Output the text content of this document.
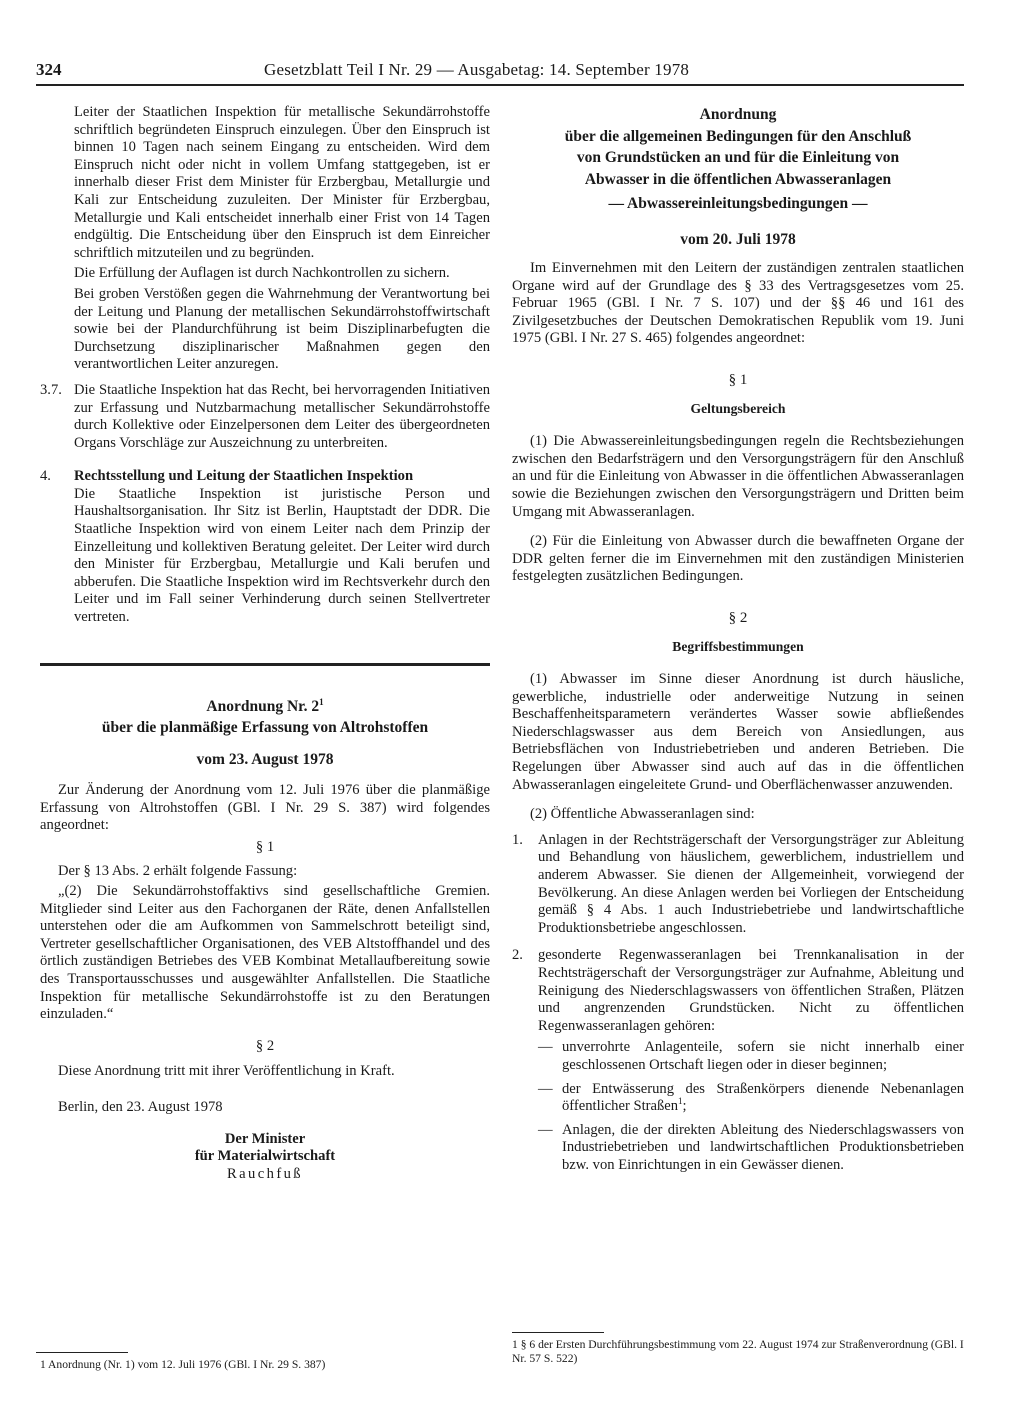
324	Gesetzblatt Teil I Nr. 29 — Ausgabetag: 14. September 1978

Leiter der Staatlichen Inspektion für metallische Sekundärrohstoffe schriftlich begründeten Einspruch einzulegen. Über den Einspruch ist binnen 10 Tagen nach seinem Eingang zu entscheiden. Wird dem Einspruch nicht oder nicht in vollem Umfang stattgegeben, ist er innerhalb dieser Frist dem Minister für Erzbergbau, Metallurgie und Kali zur Entscheidung zuzuleiten. Der Minister für Erzbergbau, Metallurgie und Kali entscheidet innerhalb einer Frist von 14 Tagen endgültig. Die Entscheidung über den Einspruch ist dem Einreicher schriftlich mitzuteilen und zu begründen.

Die Erfüllung der Auflagen ist durch Nachkontrollen zu sichern.

Bei groben Verstößen gegen die Wahrnehmung der Verantwortung bei der Leitung und Planung der metallischen Sekundärrohstoffwirtschaft sowie bei der Plandurchführung ist beim Disziplinarbefugten die Durchsetzung disziplinarischer Maßnahmen gegen den verantwortlichen Leiter anzuregen.

3.7. Die Staatliche Inspektion hat das Recht, bei hervorragenden Initiativen zur Erfassung und Nutzbarmachung metallischer Sekundärrohstoffe durch Kollektive oder Einzelpersonen dem Leiter des übergeordneten Organs Vorschläge zur Auszeichnung zu unterbreiten.
4. Rechtsstellung und Leitung der Staatlichen Inspektion
Die Staatliche Inspektion ist juristische Person und Haushaltsorganisation. Ihr Sitz ist Berlin, Hauptstadt der DDR. Die Staatliche Inspektion wird von einem Leiter nach dem Prinzip der Einzelleitung und kollektiven Beratung geleitet. Der Leiter wird durch den Minister für Erzbergbau, Metallurgie und Kali berufen und abberufen. Die Staatliche Inspektion wird im Rechtsverkehr durch den Leiter und im Fall seiner Verhinderung durch seinen Stellvertreter vertreten.
Anordnung Nr. $2^1$
über die planmäßige Erfassung von Altrohstoffen
vom 23. August 1978

Zur Änderung der Anordnung vom 12. Juli 1976 über die planmäßige Erfassung von Altrohstoffen (GBl. I Nr. 29 S. 387) wird folgendes angeordnet:

§ 1

Der § 13 Abs. 2 erhält folgende Fassung:

„(2) Die Sekundärrohstoffaktivs sind gesellschaftliche Gremien. Mitglieder sind Leiter aus den Fachorganen der Räte, denen Anfallstellen unterstehen oder die am Aufkommen von Sammelschrott beteiligt sind, Vertreter gesellschaftlicher Organisationen, des VEB Altstoffhandel und des örtlich zuständigen Betriebes des VEB Kombinat Metallaufbereitung sowie des Transportausschusses und ausgewählter Anfallstellen. Die Staatliche Inspektion für metallische Sekundärrohstoffe ist zu den Beratungen einzuladen.“

§ 2

Diese Anordnung tritt mit ihrer Veröffentlichung in Kraft.

Berlin, den 23. August 1978

Der Minister
für Materialwirtschaft
Rauchfuß
Anordnung
über die allgemeinen Bedingungen für den Anschluß
von Grundstücken an und für die Einleitung von
Abwasser in die öffentlichen Abwasseranlagen
— Abwassereinleitungsbedingungen —
vom 20. Juli 1978

Im Einvernehmen mit den Leitern der zuständigen zentralen staatlichen Organe wird auf der Grundlage des § 33 des Vertragsgesetzes vom 25. Februar 1965 (GBl. I Nr. 7 S. 107) und der §§ 46 und 161 des Zivilgesetzbuches der Deutschen Demokratischen Republik vom 19. Juni 1975 (GBl. I Nr. 27 S. 465) folgendes angeordnet:

§ 1
Geltungsbereich

(1) Die Abwassereinleitungsbedingungen regeln die Rechtsbeziehungen zwischen den Bedarfsträgern und den Versorgungsträgern für den Anschluß an und für die Einleitung von Abwasser in die öffentlichen Abwasseranlagen sowie die Beziehungen zwischen den Versorgungsträgern und Dritten beim Umgang mit Abwasseranlagen.

(2) Für die Einleitung von Abwasser durch die bewaffneten Organe der DDR gelten ferner die im Einvernehmen mit den zuständigen Ministerien festgelegten zusätzlichen Bedingungen.

§ 2
Begriffsbestimmungen

(1) Abwasser im Sinne dieser Anordnung ist durch häusliche, gewerbliche, industrielle oder anderweitige Nutzung in seinen Beschaffenheitsparametern verändertes Wasser sowie abfließendes Niederschlagswasser aus dem Bereich von Ansiedlungen, aus Betriebsflächen von Industriebetrieben und anderen Betrieben. Die Regelungen über Abwasser sind auch auf das in die öffentlichen Abwasseranlagen eingeleitete Grund- und Oberflächenwasser anzuwenden.

(2) Öffentliche Abwasseranlagen sind:

1. Anlagen in der Rechtsträgerschaft der Versorgungsträger zur Ableitung und Behandlung von häuslichem, gewerblichem, industriellem und anderem Abwasser. Sie dienen der Allgemeinheit, vorwiegend der Bevölkerung. An diese Anlagen werden bei Vorliegen der Entscheidung gemäß § 4 Abs. 1 auch Industriebetriebe und landwirtschaftliche Produktionsbetriebe angeschlossen.
2. gesonderte Regenwasseranlagen bei Trennkanalisation in der Rechtsträgerschaft der Versorgungsträger zur Aufnahme, Ableitung und Reinigung des Niederschlagswassers von öffentlichen Straßen, Plätzen und angrenzenden Grundstücken. Nicht zu öffentlichen Regenwasseranlagen gehören:
— unverrohrte Anlagenteile, sofern sie nicht innerhalb einer geschlossenen Ortschaft liegen oder in dieser beginnen;
— der Entwässerung des Straßenkörpers dienende Nebenanlagen öffentlicher Straßen$^1$;
— Anlagen, die der direkten Ableitung des Niederschlagswassers von Industriebetrieben und landwirtschaftlichen Produktionsbetrieben bzw. von Einrichtungen in ein Gewässer dienen.
1 Anordnung (Nr. 1) vom 12. Juli 1976 (GBl. I Nr. 29 S. 387)
1 § 6 der Ersten Durchführungsbestimmung vom 22. August 1974 zur Straßenverordnung (GBl. I Nr. 57 S. 522)
